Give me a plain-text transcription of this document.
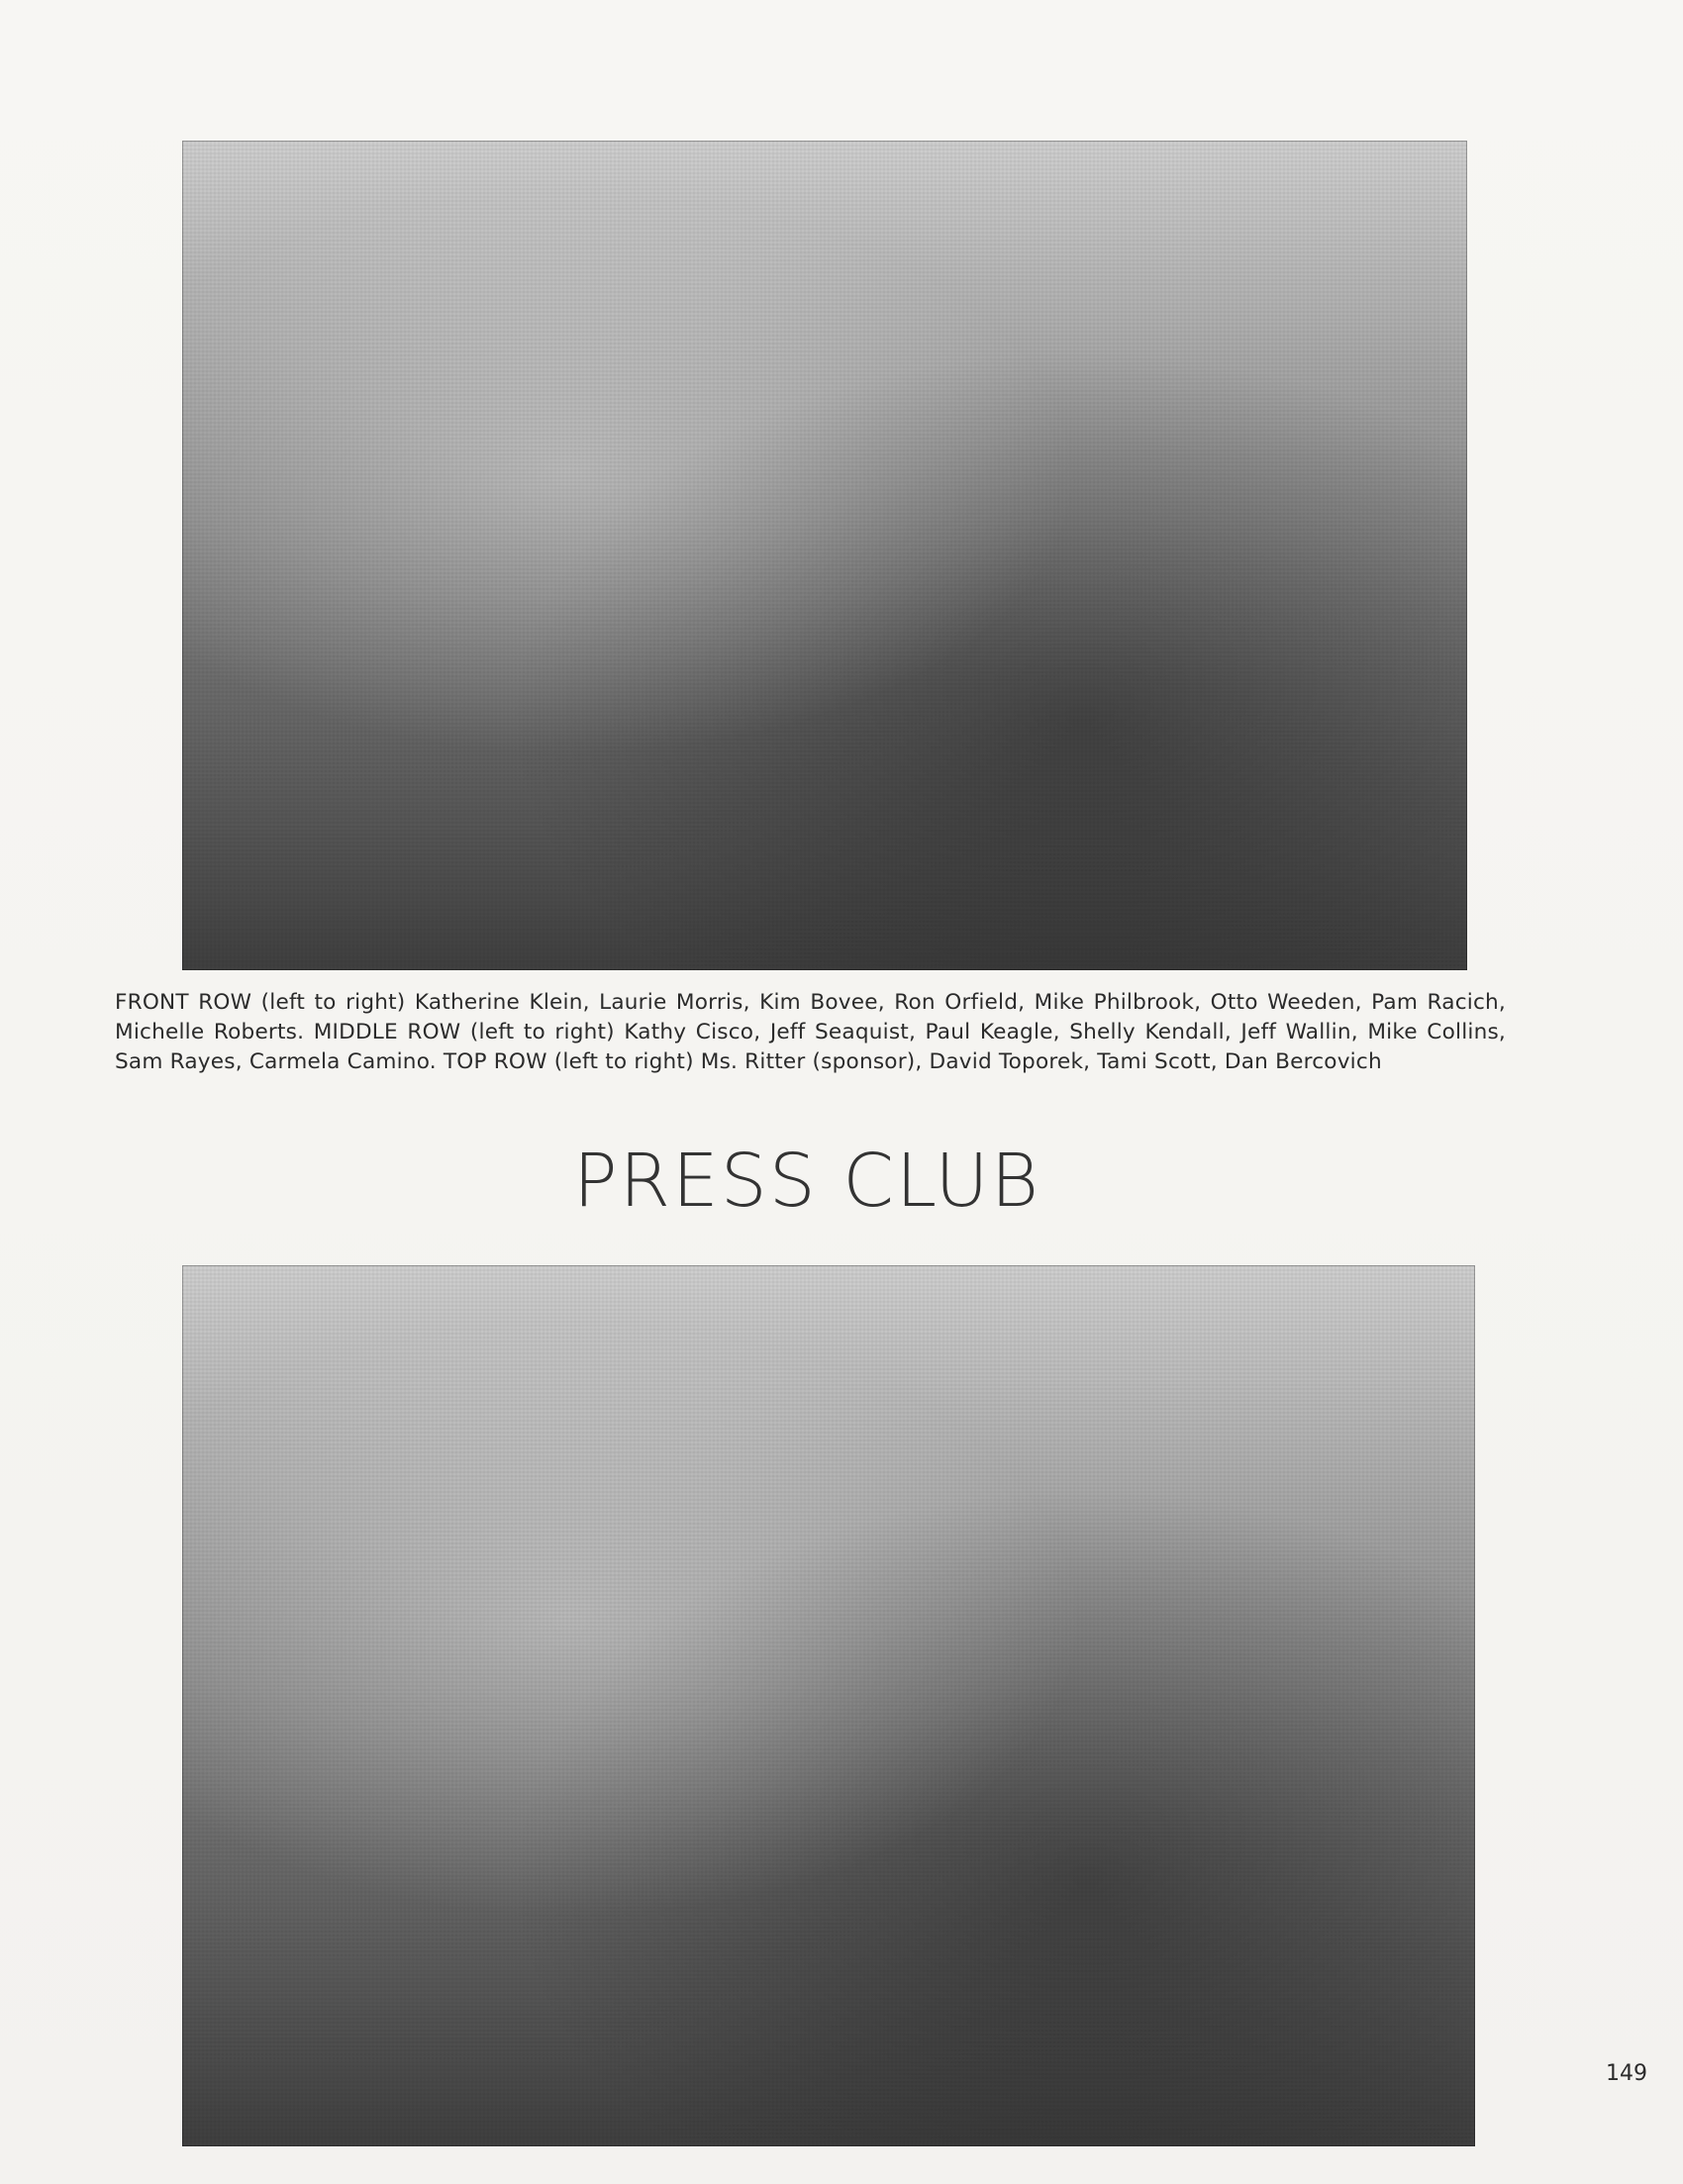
FRONT ROW (left to right) Katherine Klein, Laurie Morris, Kim Bovee, Ron Orfield, Mike Philbrook, Otto Weeden, Pam Racich, Michelle Roberts. MIDDLE ROW (left to right) Kathy Cisco, Jeff Seaquist, Paul Keagle, Shelly Kendall, Jeff Wallin, Mike Collins, Sam Rayes, Carmela Camino. TOP ROW (left to right) Ms. Ritter (sponsor), David Toporek, Tami Scott, Dan Bercovich
PRESS CLUB
149
